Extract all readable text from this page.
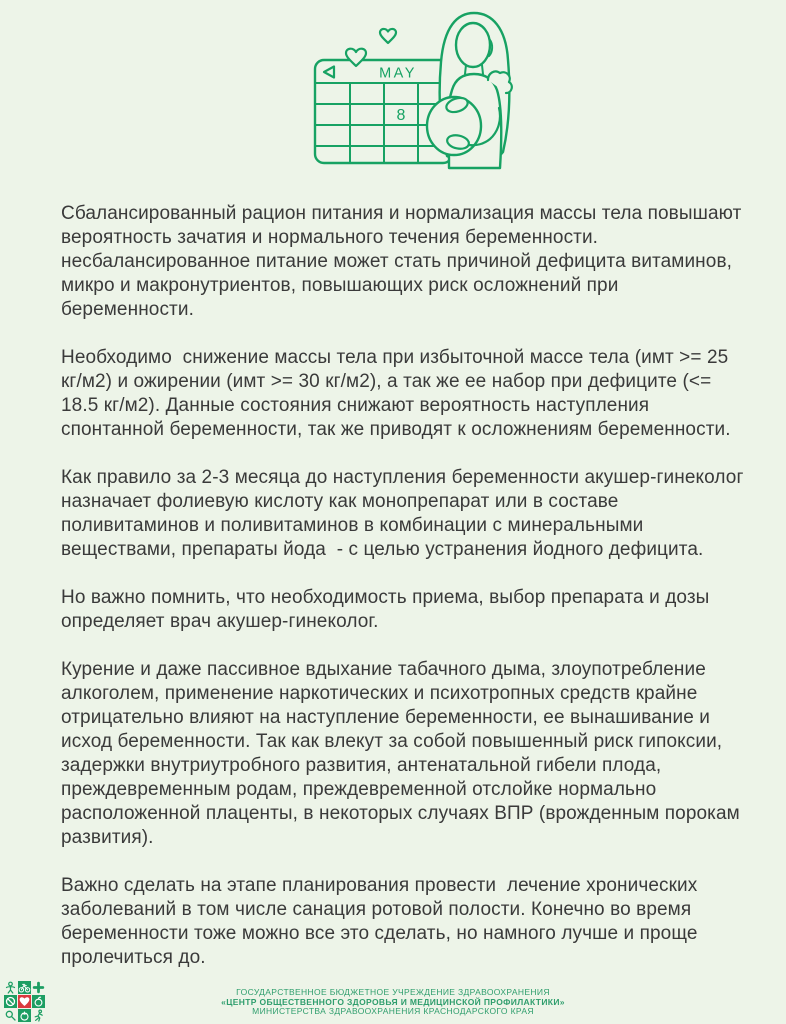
MAY
8

Сбалансированный рацион питания и нормализация массы тела повышают вероятность зачатия и нормального течения беременности. несбалансированное питание может стать причиной дефицита витаминов, микро и макронутриентов, повышающих риск осложнений при беременности.

Необходимо  снижение массы тела при избыточной массе тела (имт >= 25 кг/м2) и ожирении (имт >= 30 кг/м2), а так же ее набор при дефиците (<= 18.5 кг/м2). Данные состояния снижают вероятность наступления спонтанной беременности, так же приводят к осложнениям беременности.

Как правило за 2-3 месяца до наступления беременности акушер-гинеколог назначает фолиевую кислоту как монопрепарат или в составе поливитаминов и поливитаминов в комбинации с минеральными веществами, препараты йода  - с целью устранения йодного дефицита.

Но важно помнить, что необходимость приема, выбор препарата и дозы определяет врач акушер-гинеколог.

Курение и даже пассивное вдыхание табачного дыма, злоупотребление алкоголем, применение наркотических и психотропных средств крайне отрицательно влияют на наступление беременности, ее вынашивание и исход беременности. Так как влекут за собой повышенный риск гипоксии, задержки внутриутробного развития, антенатальной гибели плода, преждевременным родам, преждевременной отслойке нормально расположенной плаценты, в некоторых случаях ВПР (врожденным порокам развития).

Важно сделать на этапе планирования провести  лечение хронических заболеваний в том числе санация ротовой полости. Конечно во время беременности тоже можно все это сделать, но намного лучше и проще пролечиться до.

ГОСУДАРСТВЕННОЕ БЮДЖЕТНОЕ УЧРЕЖДЕНИЕ ЗДРАВООХРАНЕНИЯ
«ЦЕНТР ОБЩЕСТВЕННОГО ЗДОРОВЬЯ И МЕДИЦИНСКОЙ ПРОФИЛАКТИКИ»
МИНИСТЕРСТВА ЗДРАВООХРАНЕНИЯ КРАСНОДАРСКОГО КРАЯ
